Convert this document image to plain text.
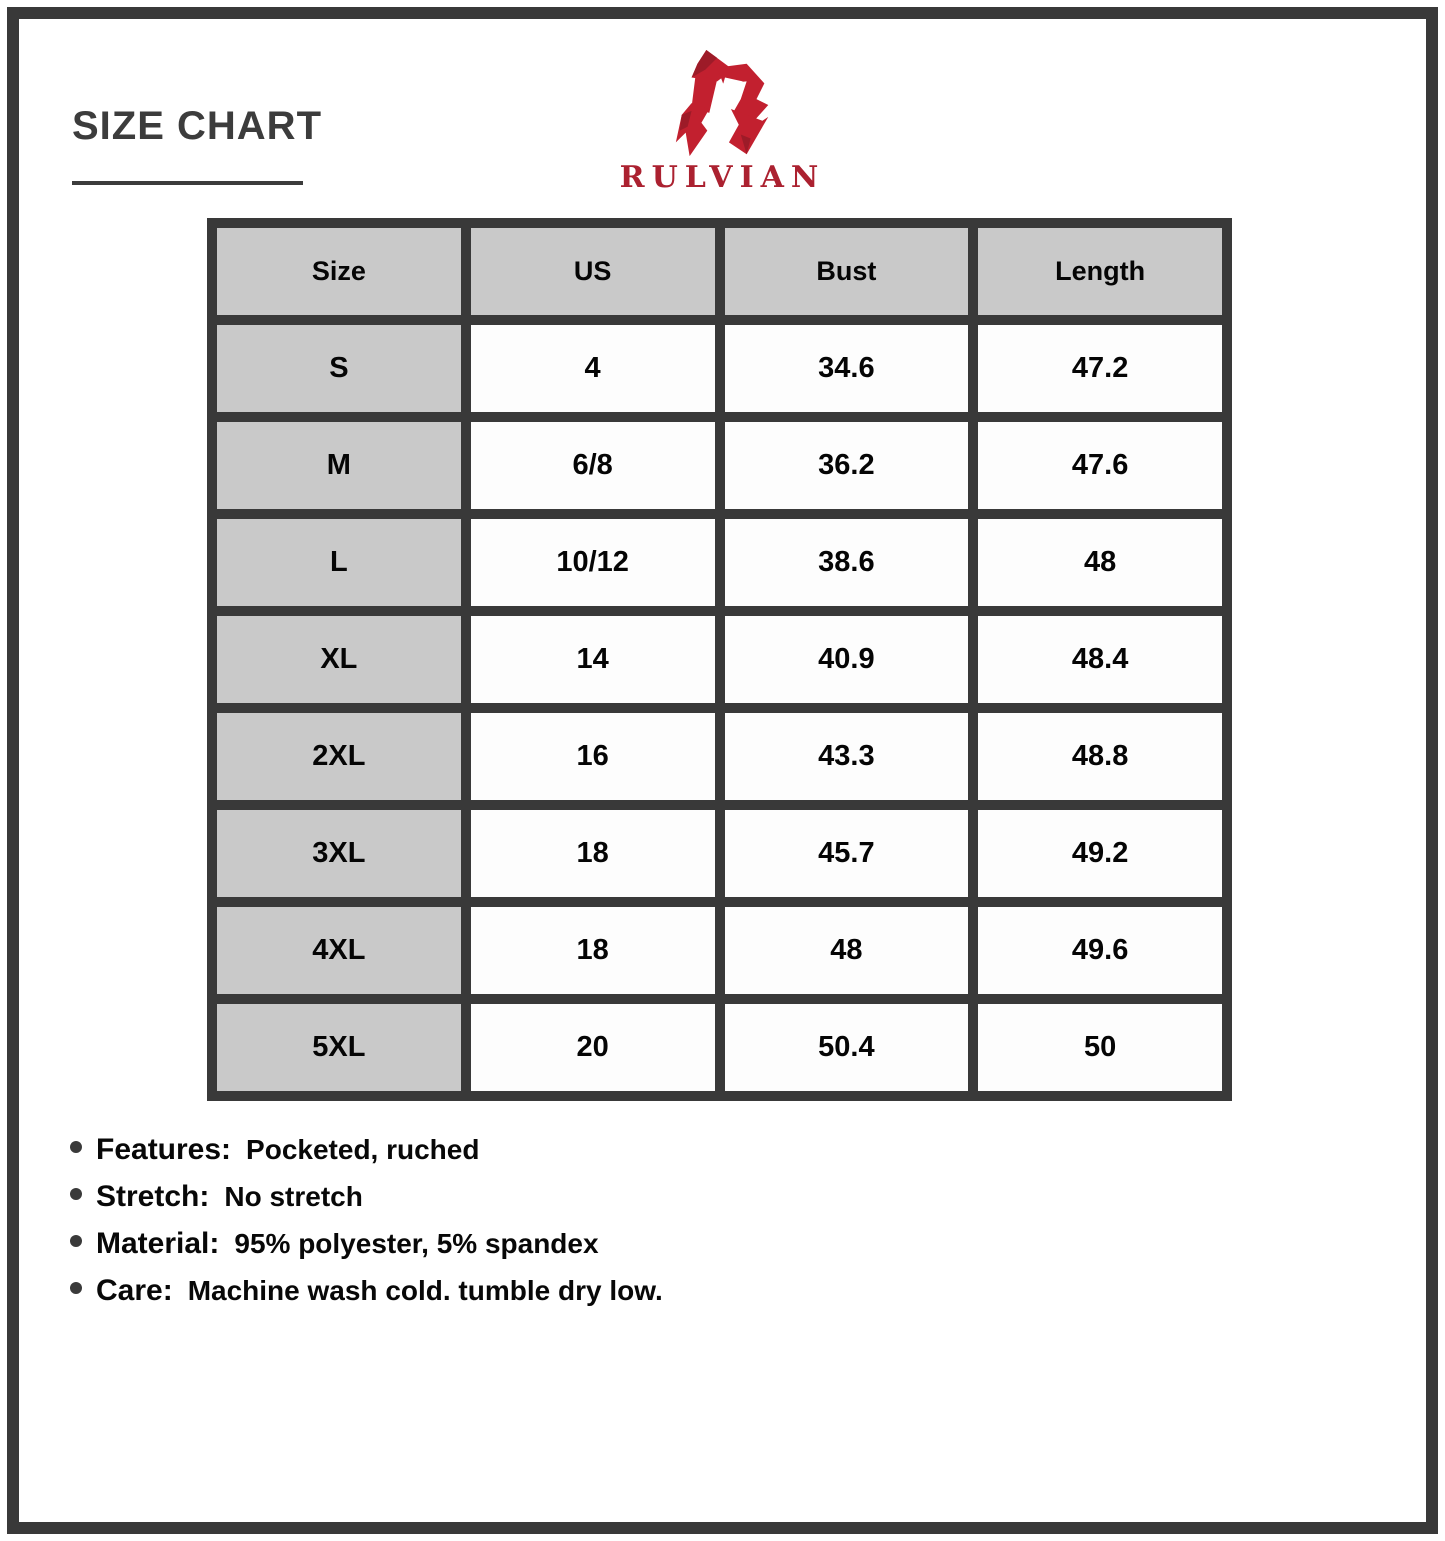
SIZE CHART
RULVIAN
Size	US	Bust	Length
S	4	34.6	47.2
M	6/8	36.2	47.6
L	10/12	38.6	48
XL	14	40.9	48.4
2XL	16	43.3	48.8
3XL	18	45.7	49.2
4XL	18	48	49.6
5XL	20	50.4	50
Features: Pocketed, ruched
Stretch: No stretch
Material: 95% polyester, 5% spandex
Care: Machine wash cold. tumble dry low.
